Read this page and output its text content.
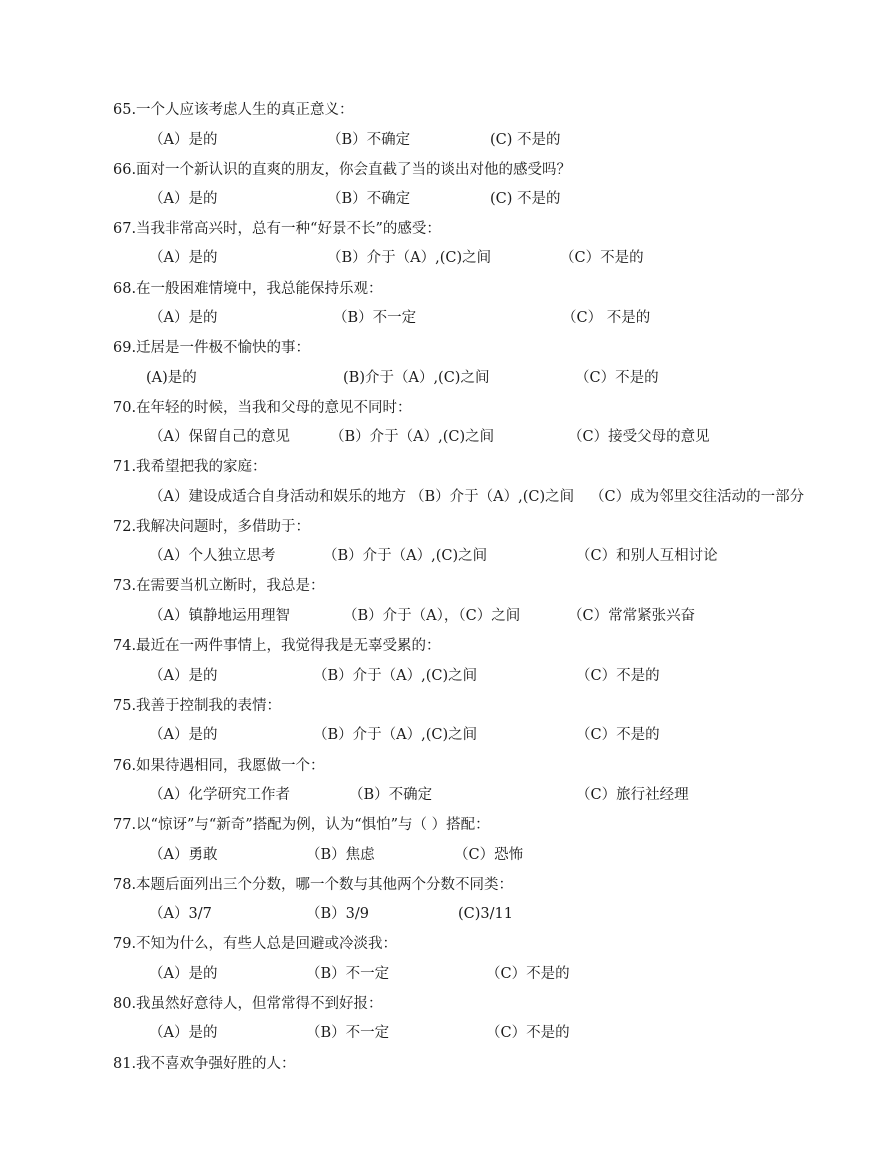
65.一个人应该考虑人生的真正意义：
（A）是的	（B）不确定	(C) 不是的
66.面对一个新认识的直爽的朋友，你会直截了当的谈出对他的感受吗？
（A）是的	（B）不确定	(C) 不是的
67.当我非常高兴时，总有一种“好景不长”的感受：
（A）是的	（B）介于（A）,(C)之间	（C）不是的
68.在一般困难情境中，我总能保持乐观：
（A）是的	（B）不一定	（C） 不是的
69.迁居是一件极不愉快的事：
(A)是的	(B)介于（A）,(C)之间	（C）不是的
70.在年轻的时候，当我和父母的意见不同时：
（A）保留自己的意见	（B）介于（A）,(C)之间	（C）接受父母的意见
71.我希望把我的家庭：
（A）建设成适合自身活动和娱乐的地方 （B）介于（A）,(C)之间 （C）成为邻里交往活动的一部分
72.我解决问题时，多借助于：
（A）个人独立思考	（B）介于（A）,(C)之间	（C）和别人互相讨论
73.在需要当机立断时，我总是：
（A）镇静地运用理智	（B）介于（A），（C）之间	（C）常常紧张兴奋
74.最近在一两件事情上，我觉得我是无辜受累的：
（A）是的	（B）介于（A）,(C)之间	（C）不是的
75.我善于控制我的表情：
（A）是的	（B）介于（A）,(C)之间	（C）不是的
76.如果待遇相同，我愿做一个：
（A）化学研究工作者	（B）不确定	（C）旅行社经理
77.以“惊讶”与“新奇”搭配为例，认为“惧怕”与（ ）搭配：
（A）勇敢	（B）焦虑	（C）恐怖
78.本题后面列出三个分数，哪一个数与其他两个分数不同类：
（A）3/7	（B）3/9	(C)3/11
79.不知为什么，有些人总是回避或冷淡我：
（A）是的	（B）不一定	（C）不是的
80.我虽然好意待人，但常常得不到好报：
（A）是的	（B）不一定	（C）不是的
81.我不喜欢争强好胜的人：
